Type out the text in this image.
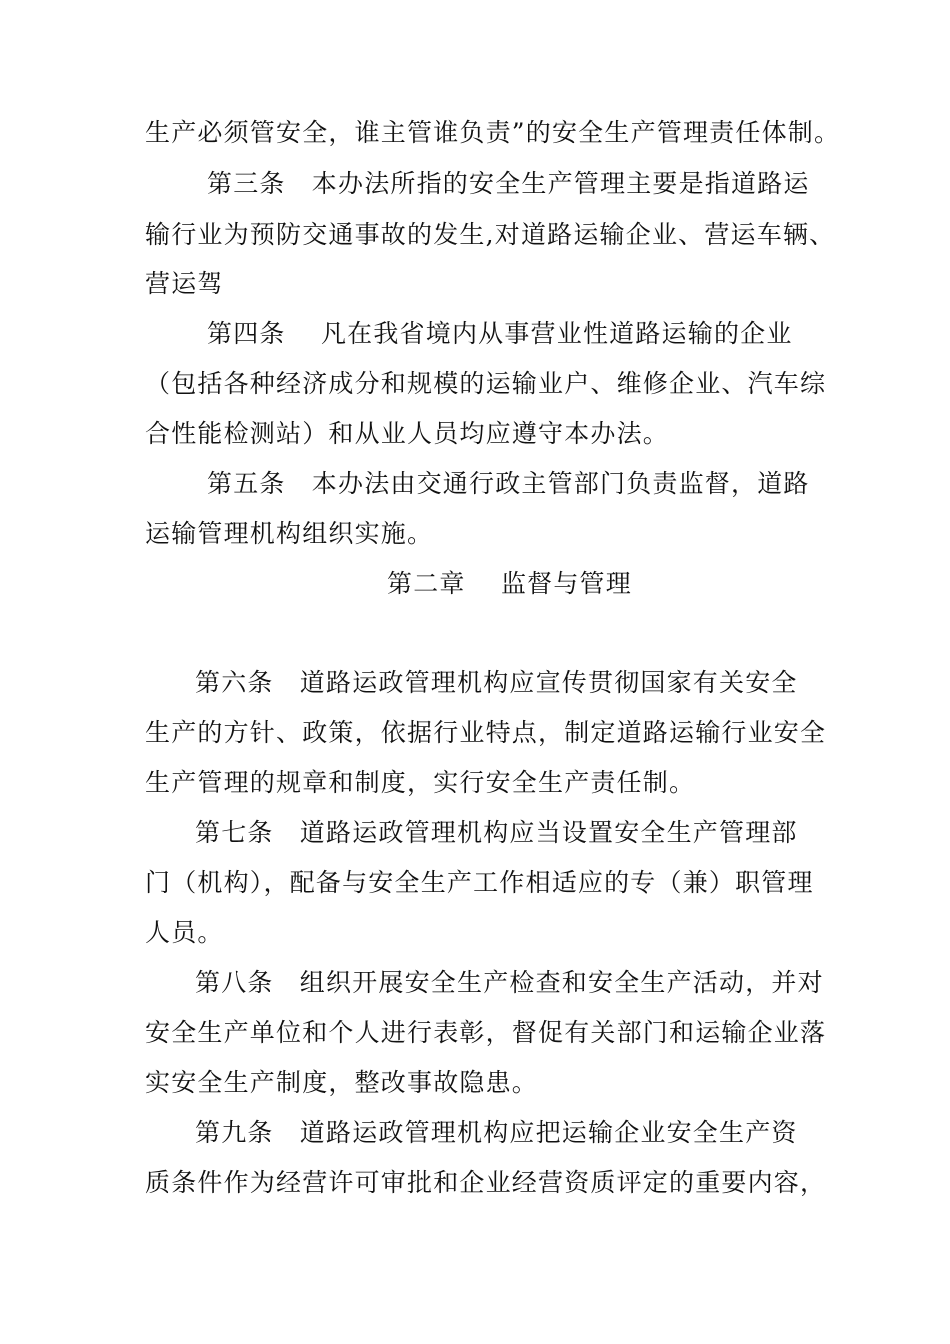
生产必须管安全，谁主管谁负责”的安全生产管理责任体制。
第三条　本办法所指的安全生产管理主要是指道路运
输行业为预防交通事故的发生,对道路运输企业、营运车辆、
营运驾
第四条　 凡在我省境内从事营业性道路运输的企业
（包括各种经济成分和规模的运输业户、维修企业、汽车综
合性能检测站）和从业人员均应遵守本办法。
第五条　本办法由交通行政主管部门负责监督，道路
运输管理机构组织实施。
第二章　 监督与管理
第六条　道路运政管理机构应宣传贯彻国家有关安全
生产的方针、政策，依据行业特点，制定道路运输行业安全
生产管理的规章和制度，实行安全生产责任制。
第七条　道路运政管理机构应当设置安全生产管理部
门（机构），配备与安全生产工作相适应的专（兼）职管理
人员。
第八条　组织开展安全生产检查和安全生产活动，并对
安全生产单位和个人进行表彰，督促有关部门和运输企业落
实安全生产制度，整改事故隐患。
第九条　道路运政管理机构应把运输企业安全生产资
质条件作为经营许可审批和企业经营资质评定的重要内容，
